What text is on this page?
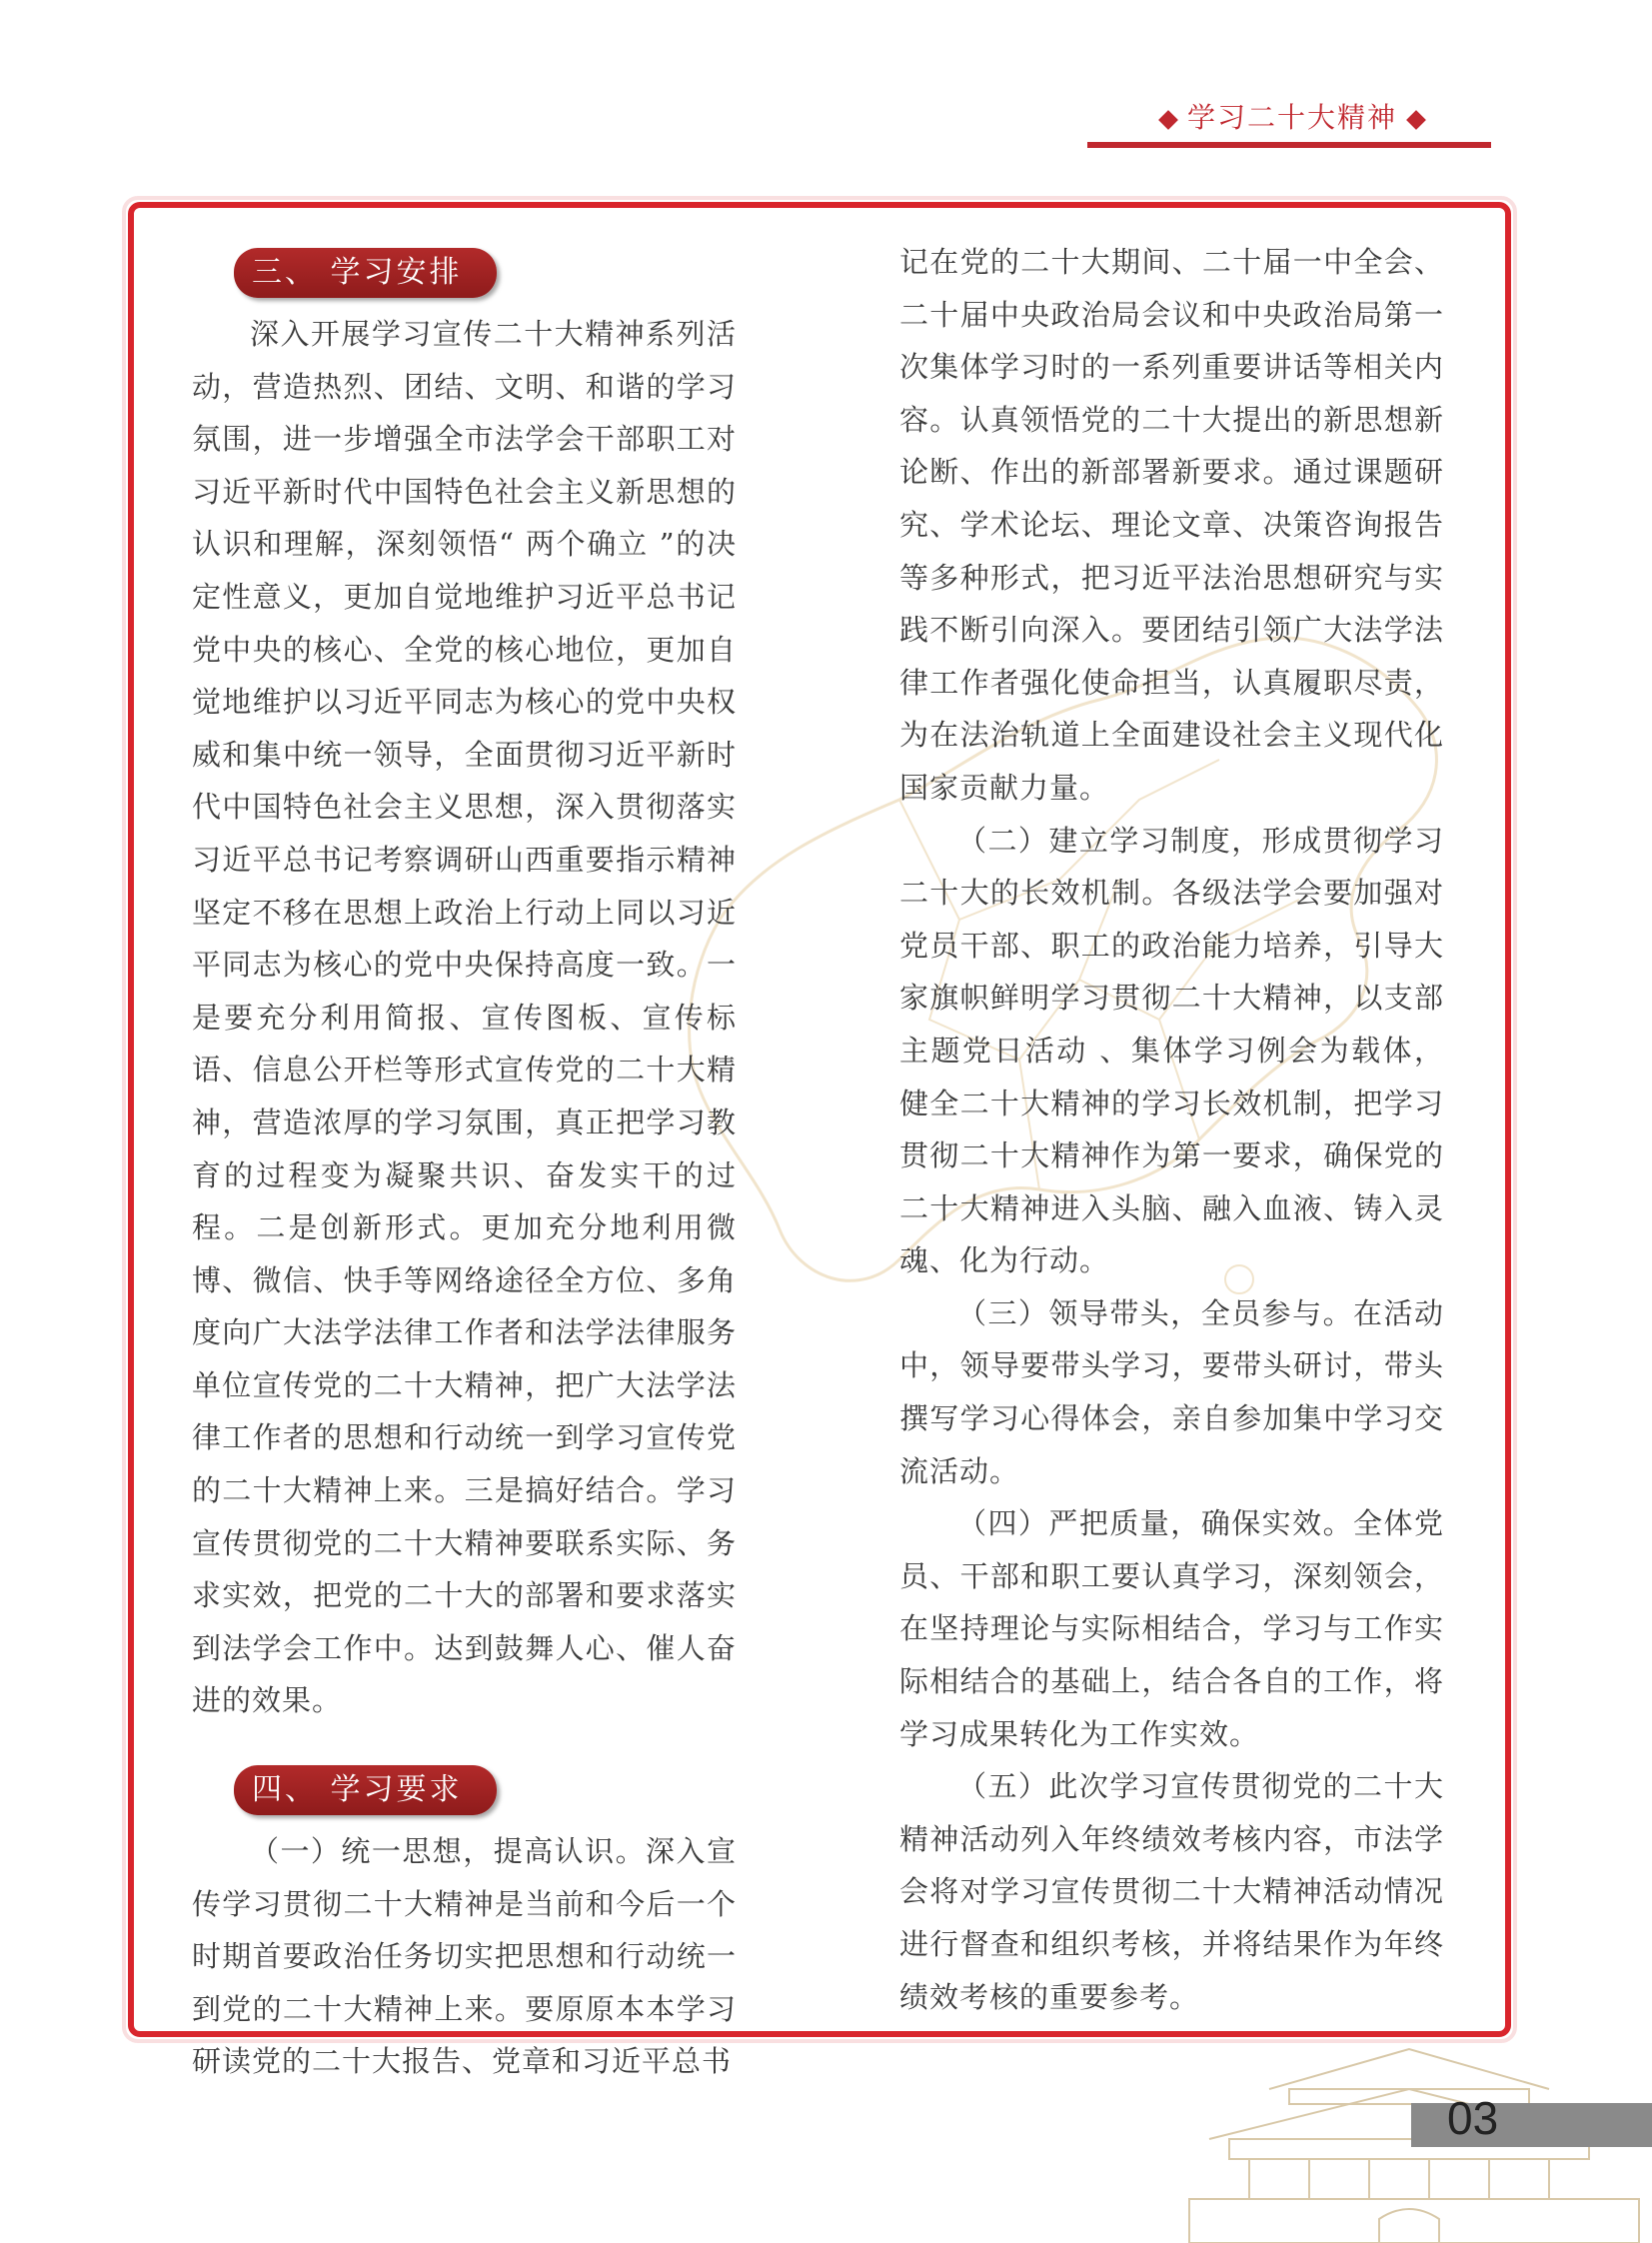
学习二十大精神
三、 学习安排

深入开展学习宣传二十大精神系列活动，营造热烈、团结、文明、和谐的学习氛围，进一步增强全市法学会干部职工对习近平新时代中国特色社会主义新思想的认识和理解，深刻领悟“ 两个确立 ”的决定性意义，更加自觉地维护习近平总书记党中央的核心、全党的核心地位，更加自觉地维护以习近平同志为核心的党中央权威和集中统一领导，全面贯彻习近平新时代中国特色社会主义思想，深入贯彻落实习近平总书记考察调研山西重要指示精神坚定不移在思想上政治上行动上同以习近平同志为核心的党中央保持高度一致。一是要充分利用简报、宣传图板、宣传标语、信息公开栏等形式宣传党的二十大精神，营造浓厚的学习氛围，真正把学习教育的过程变为凝聚共识、奋发实干的过程。二是创新形式。更加充分地利用微博、微信、快手等网络途径全方位、多角度向广大法学法律工作者和法学法律服务单位宣传党的二十大精神，把广大法学法律工作者的思想和行动统一到学习宣传党的二十大精神上来。三是搞好结合。学习宣传贯彻党的二十大精神要联系实际、务求实效，把党的二十大的部署和要求落实到法学会工作中。达到鼓舞人心、催人奋进的效果。

四、 学习要求

（一）统一思想，提高认识。深入宣传学习贯彻二十大精神是当前和今后一个时期首要政治任务切实把思想和行动统一到党的二十大精神上来。要原原本本学习研读党的二十大报告、党章和习近平总书

记在党的二十大期间、二十届一中全会、二十届中央政治局会议和中央政治局第一次集体学习时的一系列重要讲话等相关内容。认真领悟党的二十大提出的新思想新论断、作出的新部署新要求。通过课题研究、学术论坛、理论文章、决策咨询报告等多种形式，把习近平法治思想研究与实践不断引向深入。要团结引领广大法学法律工作者强化使命担当，认真履职尽责，为在法治轨道上全面建设社会主义现代化国家贡献力量。

（二）建立学习制度，形成贯彻学习二十大的长效机制。各级法学会要加强对党员干部、职工的政治能力培养，引导大家旗帜鲜明学习贯彻二十大精神，以支部主题党日活动 、集体学习例会为载体，健全二十大精神的学习长效机制，把学习贯彻二十大精神作为第一要求，确保党的二十大精神进入头脑、融入血液、铸入灵魂、化为行动。

（三）领导带头，全员参与。在活动中，领导要带头学习，要带头研讨，带头撰写学习心得体会，亲自参加集中学习交流活动。

（四）严把质量，确保实效。全体党员、干部和职工要认真学习，深刻领会，在坚持理论与实际相结合，学习与工作实际相结合的基础上，结合各自的工作，将学习成果转化为工作实效。

（五）此次学习宣传贯彻党的二十大精神活动列入年终绩效考核内容，市法学会将对学习宣传贯彻二十大精神活动情况进行督查和组织考核，并将结果作为年终绩效考核的重要参考。

03
